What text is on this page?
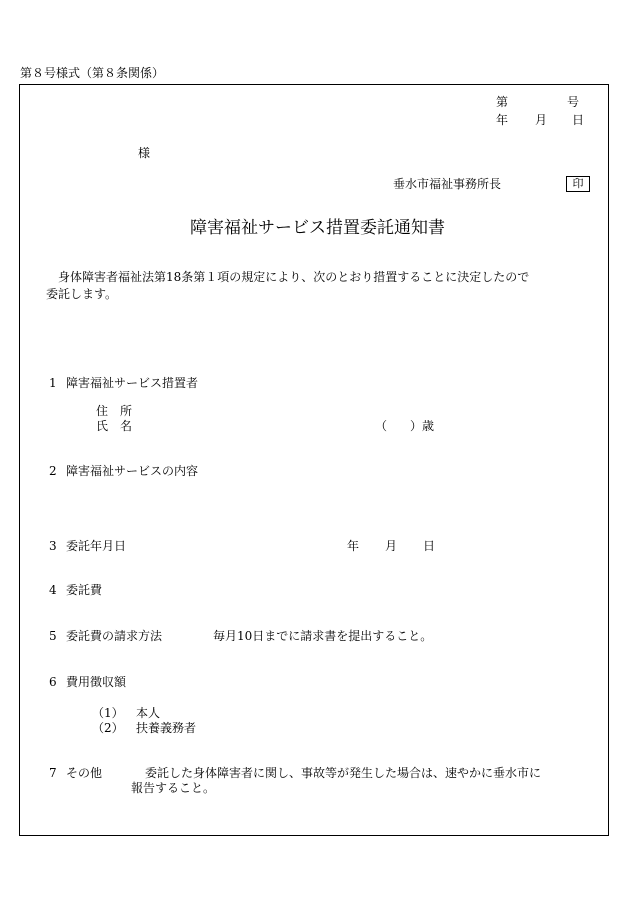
第８号様式（第８条関係）
第	号
年 月 日
様
垂水市福祉事務所長	印
障害福祉サービス措置委託通知書
身体障害者福祉法第18条第１項の規定により、次のとおり措置することに決定したので
委託します。
1 障害福祉サービス措置者
住　所
氏　名	（ ）歳
2 障害福祉サービスの内容
3 委託年月日	年 月 日
4 委託費
5 委託費の請求方法	毎月10日までに請求書を提出すること。
6 費用徴収額
（1） 本人
（2） 扶養義務者
7 その他	委託した身体障害者に関し、事故等が発生した場合は、速やかに垂水市に
報告すること。
